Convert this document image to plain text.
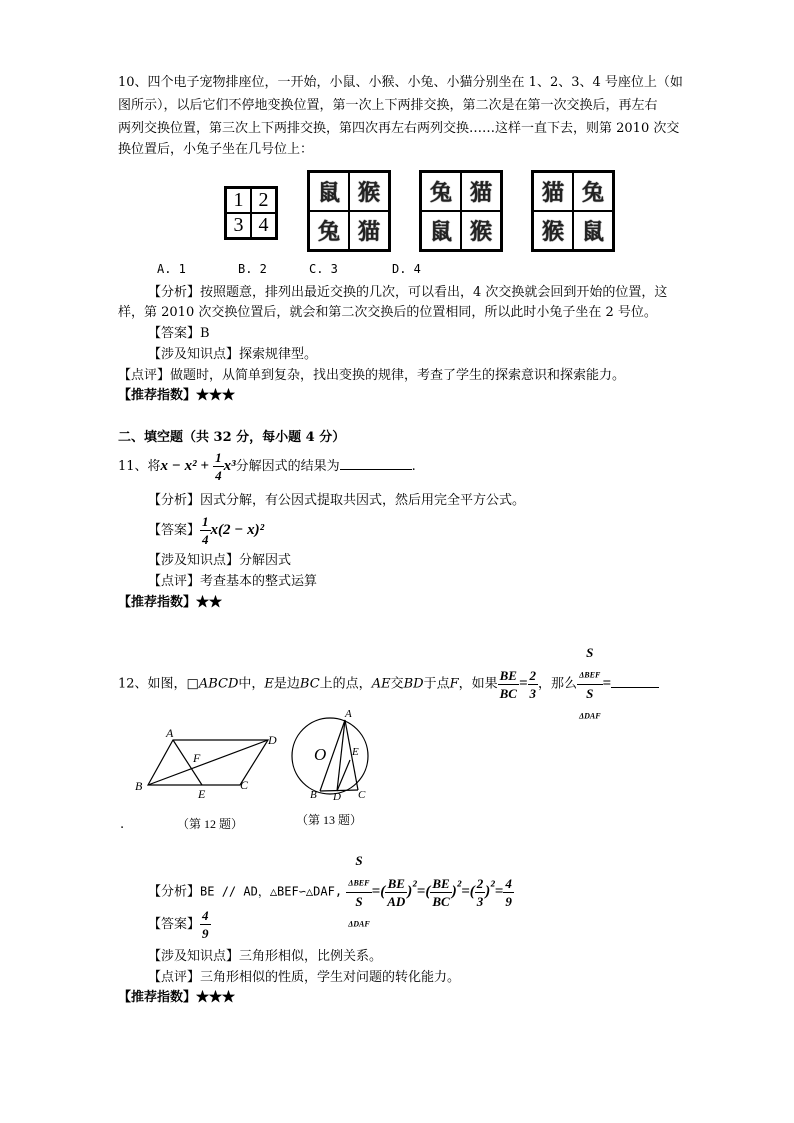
10、四个电子宠物排座位，一开始，小鼠、小猴、小兔、小猫分别坐在 1、2、3、4 号座位上（如
图所示），以后它们不停地变换位置，第一次上下两排交换，第二次是在第一次交换后，再左右
两列交换位置，第三次上下两排交换，第四次再左右两列交换……这样一直下去，则第 2010 次交
换位置后，小兔子坐在几号位上：
1 2
3 4
鼠 猴
兔 猫
兔 猫
鼠 猴
猫 兔
猴 鼠
A. 1	B. 2	C. 3	D. 4
【分析】按照题意，排列出最近交换的几次，可以看出，4 次交换就会回到开始的位置，这
样，第 2010 次交换位置后，就会和第二次交换后的位置相同，所以此时小兔子坐在 2 号位。
【答案】B
【涉及知识点】探索规律型。
【点评】做题时，从简单到复杂，找出变换的规律，考查了学生的探索意识和探索能力。
【推荐指数】★★★
二、填空题（共 32 分，每小题 4 分）
11、将$x - x^2 + \frac{1}{4} x^3$分解因式的结果为	.
【分析】因式分解，有公因式提取共因式，然后用完全平方公式。
【答案】 $\frac{1}{4} x(2 - x)^2$
【涉及知识点】分解因式
【点评】考查基本的整式运算
【推荐指数】★★
12、如图，□ABCD中，E是边BC上的点，AE交BD于点F，如果 $\frac{BE}{BC} = \frac{2}{3}$ ，那么 S
$_{\Delta BEF}$
S
$_{\Delta DAF}$ =
A
B	C
D
E
F
（第 12 题）
A
B	C
D
E
O
（第 13 题）
.
【分析】BE // AD，△BEF∽△DAF, S
$_{\Delta BEF}$
S
$_{\Delta DAF}$ =( $\frac{BE}{AD} )^{^2}=( \frac{BE}{BC} )^{^2}=( \frac{2}{3} )^{^2}= \frac{4}{9}$
【答案】 $\frac{4}{9}$
【涉及知识点】三角形相似，比例关系。
【点评】三角形相似的性质，学生对问题的转化能力。
【推荐指数】★★★
